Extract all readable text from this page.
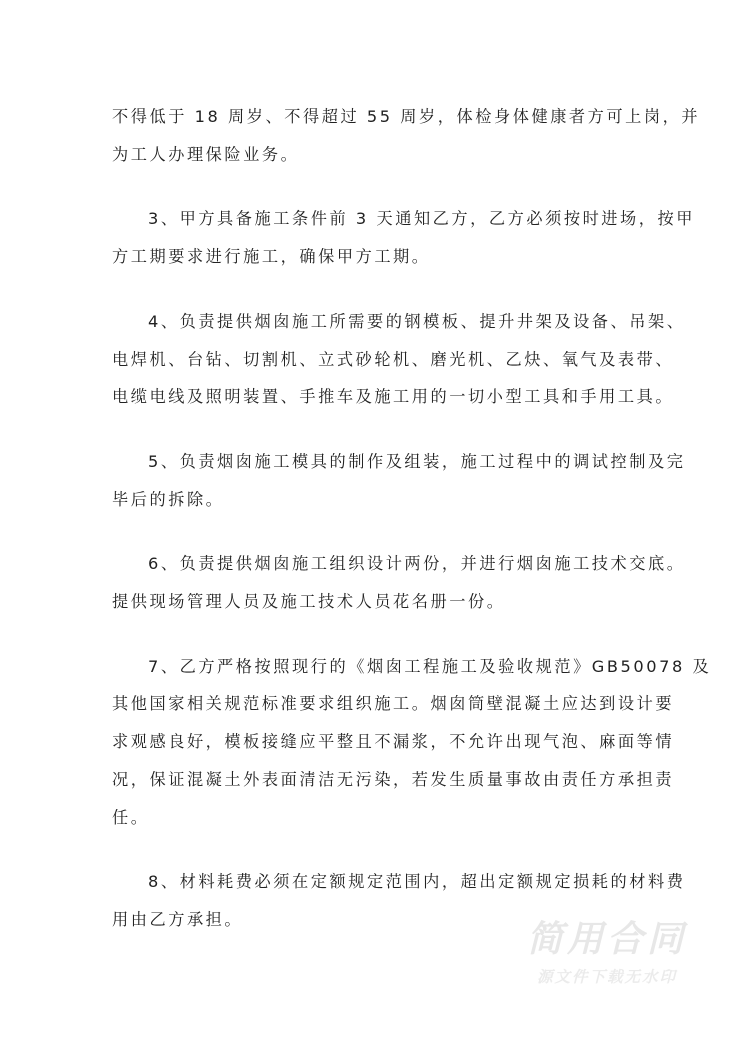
不得低于 18 周岁、不得超过 55 周岁，体检身体健康者方可上岗，并
为工人办理保险业务。

3、甲方具备施工条件前 3 天通知乙方，乙方必须按时进场，按甲
方工期要求进行施工，确保甲方工期。

4、负责提供烟囱施工所需要的钢模板、提升井架及设备、吊架、
电焊机、台钻、切割机、立式砂轮机、磨光机、乙炔、氧气及表带、
电缆电线及照明装置、手推车及施工用的一切小型工具和手用工具。

5、负责烟囱施工模具的制作及组装，施工过程中的调试控制及完
毕后的拆除。

6、负责提供烟囱施工组织设计两份，并进行烟囱施工技术交底。
提供现场管理人员及施工技术人员花名册一份。

7、乙方严格按照现行的《烟囱工程施工及验收规范》GB50078 及
其他国家相关规范标准要求组织施工。烟囱筒壁混凝土应达到设计要
求观感良好，模板接缝应平整且不漏浆，不允许出现气泡、麻面等情
况，保证混凝土外表面清洁无污染，若发生质量事故由责任方承担责
任。

8、材料耗费必须在定额规定范围内，超出定额规定损耗的材料费
用由乙方承担。	简用合同
源文件下载无水印
